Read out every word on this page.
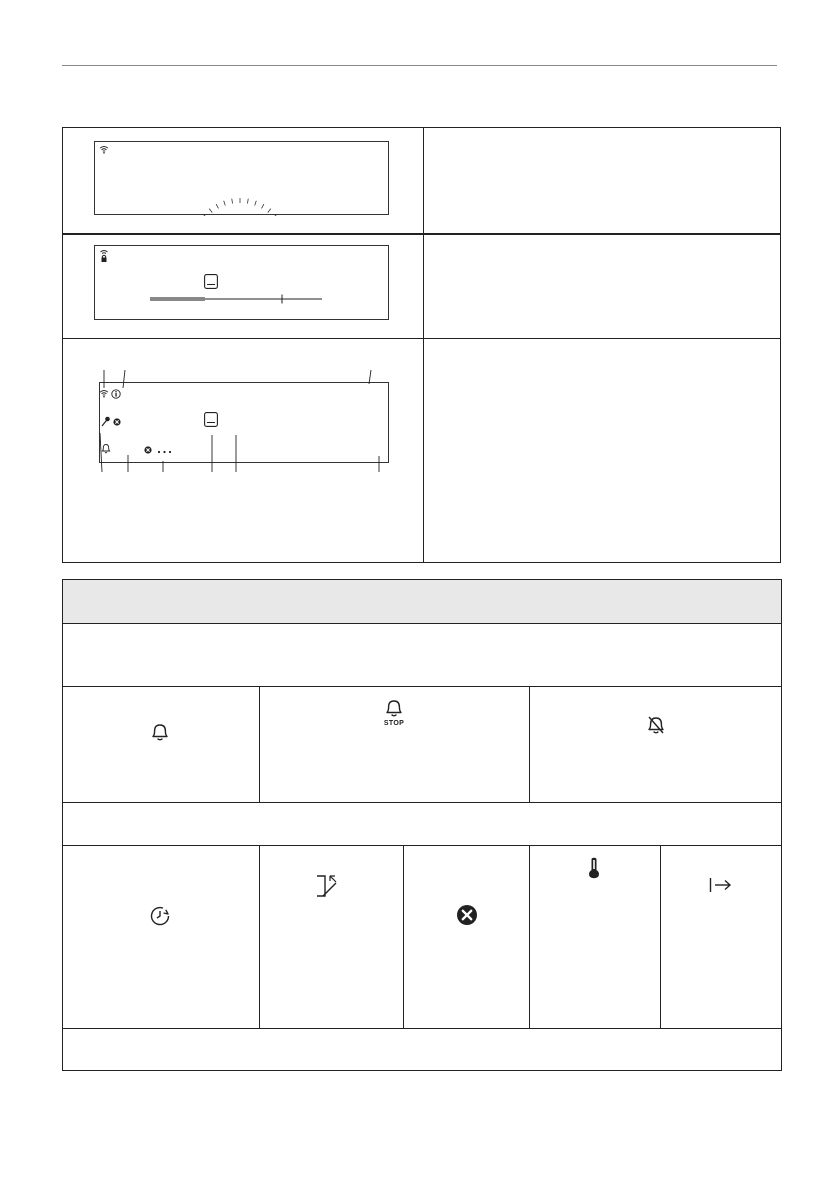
STOP
